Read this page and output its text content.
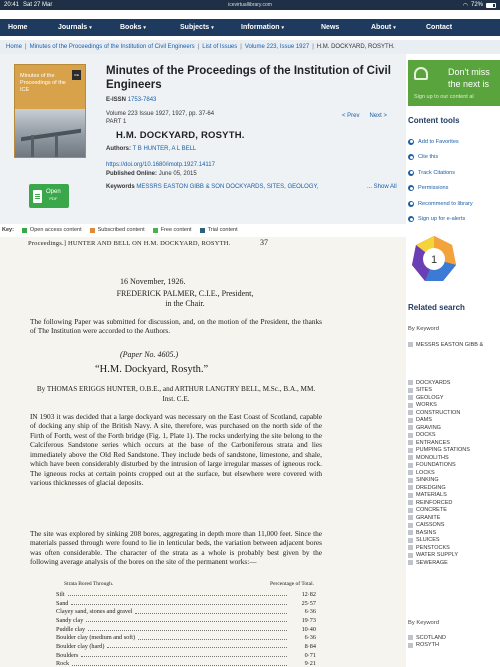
20:41 Sat 27 Mar	icevirtuallibrary.com	◠ 72%
Home	Journals ▾	Books ▾	Subjects ▾	Information ▾	News	About ▾	Contact
Home | Minutes of the Proceedings of the Institution of Civil Engineers | List of Issues | Volume 223, Issue 1927 | H.M. DOCKYARD, ROSYTH.
Minutes of the Proceedings of the ICE
ICE
Open
PDF
Minutes of the Proceedings of the Institution of Civil Engineers
E-ISSN 1753-7843
Volume 223 Issue 1927, 1927, pp. 37-64
PART 1
< Prev Next >
H.M. DOCKYARD, ROSYTH.
Authors: T B HUNTER, A L BELL
https://doi.org/10.1680/imotp.1927.14117
Published Online: June 05, 2015
Keywords MESSRS EASTON GIBB & SON DOCKYARDS, SITES, GEOLOGY,	... Show All
Key:	Open access content	Subscribed content	Free content	Trial content
Proceedings.] HUNTER AND BELL ON H.M. DOCKYARD, ROSYTH.	37
16 November, 1926.
FREDERICK PALMER, C.I.E., President,
in the Chair.
The following Paper was submitted for discussion, and, on the motion of the President, the thanks of The Institution were accorded to the Authors.
(Paper No. 4605.)
“H.M. Dockyard, Rosyth.”
By THOMAS ERIGGS HUNTER, O.B.E., and ARTHUR LANGTRY BELL, M.Sc., B.A., MM. Inst. C.E.
IN 1903 it was decided that a large dockyard was necessary on the East Coast of Scotland, capable of docking any ship of the British Navy. A site, therefore, was purchased on the north side of the Firth of Forth, west of the Forth bridge (Fig. 1, Plate 1). The rocks underlying the site belong to the Calciferous Sandstone series which occurs at the base of the Carboniferous strata and lies immediately above the Old Red Sandstone. They include beds of sandstone, limestone, and shale, which have been considerably disturbed by the intrusion of large irregular masses of igneous rock. The igneous rocks at certain points cropped out at the surface, but elsewhere were covered with various thicknesses of glacial deposits.
The site was explored by sinking 208 bores, aggregating in depth more than 11,000 feet. Since the materials passed through were found to lie in lenticular beds, the variation between adjacent bores was often considerable. The character of the strata as a whole is probably best given by the following average analysis of the bores on the site of the permanent works:—
Strata Bored Through.	Percentage of Total.
Silt	12·82
Sand	25·57
Clayey sand, stones and gravel	6·36
Sandy clay	19·73
Puddle clay	10·40
Boulder clay (medium and soft)	6·36
Boulder clay (hard)	8·84
Boulders	0·71
Rock	9·21
Don't miss
the next is
Sign up to our content al
Content tools
Add to Favorites
Cite this
Track Citations
Permissions
Recommend to library
Sign up for e-alerts
1
Related search
By Keyword
MESSRS EASTON GIBB &
DOCKYARDS
SITES
GEOLOGY
WORKS
CONSTRUCTION
DAMS
GRAVING
DOCKS
ENTRANCES
PUMPING STATIONS
MONOLITHS
FOUNDATIONS
LOCKS
SINKING
DREDGING
MATERIALS
REINFORCED
CONCRETE
GRANITE
CAISSONS
BASINS
SLUICES
PENSTOCKS
WATER SUPPLY
SEWERAGE
By Keyword
SCOTLAND
ROSYTH
